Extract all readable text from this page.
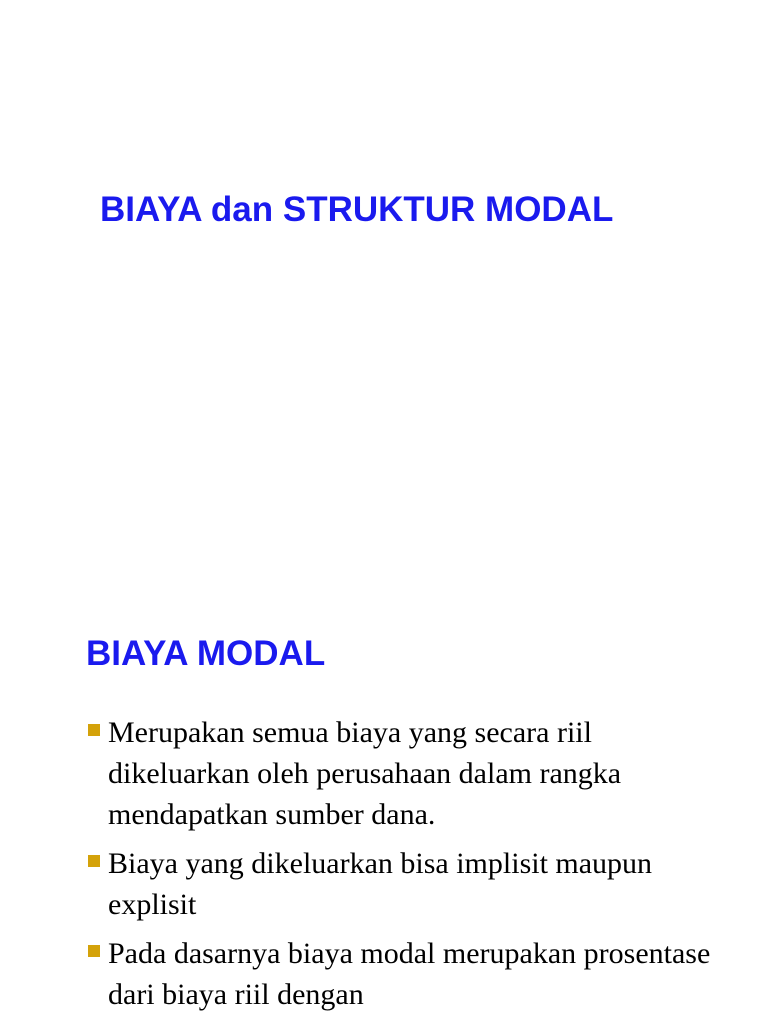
BIAYA dan STRUKTUR MODAL
BIAYA MODAL
Merupakan semua biaya yang secara riil dikeluarkan oleh perusahaan dalam rangka mendapatkan sumber dana.
Biaya yang dikeluarkan bisa implisit maupun explisit
Pada dasarnya biaya modal merupakan prosentase dari biaya riil dengan
